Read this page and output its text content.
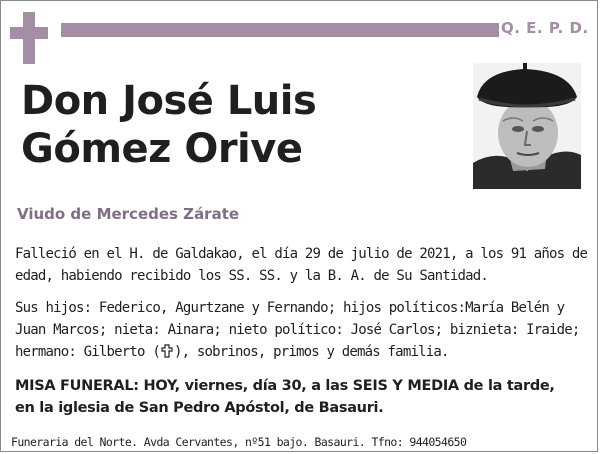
Q. E. P. D.
Don José Luis
Gómez Orive
Viudo de Mercedes Zárate
Falleció en el H. de Galdakao, el día 29 de julio de 2021, a los 91 años de
edad, habiendo recibido los SS. SS. y la B. A. de Su Santidad.
Sus hijos: Federico, Agurtzane y Fernando; hijos políticos:María Belén y
Juan Marcos; nieta: Ainara; nieto político: José Carlos; biznieta: Iraide;
hermano: Gilberto ( ), sobrinos, primos y demás familia.
MISA FUNERAL: HOY, viernes, día 30, a las SEIS Y MEDIA de la tarde,
en la iglesia de San Pedro Apóstol, de Basauri.
Funeraria del Norte. Avda Cervantes, nº51 bajo. Basauri. Tfno: 944054650
